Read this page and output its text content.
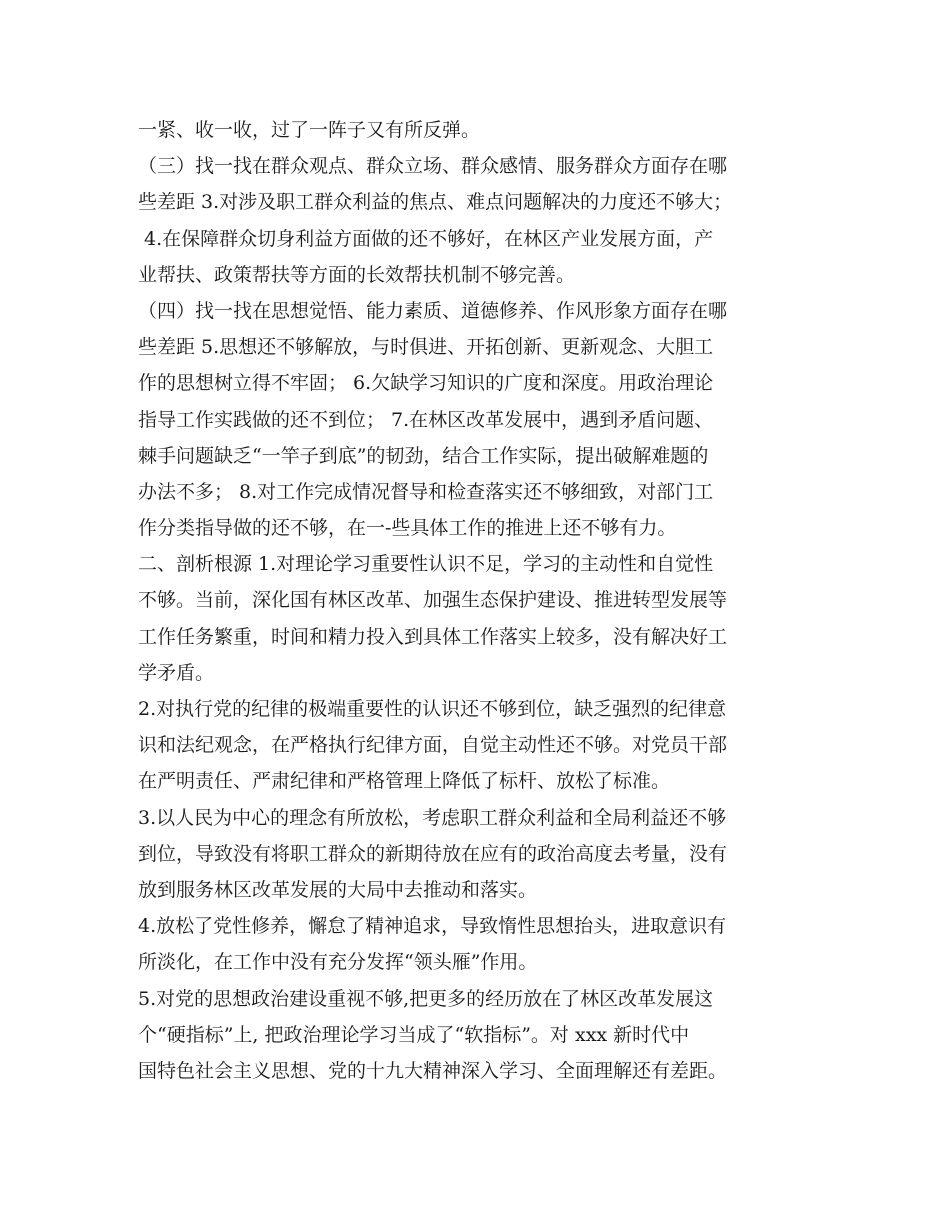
一紧、收一收，过了一阵子又有所反弹。
（三）找一找在群众观点、群众立场、群众感情、服务群众方面存在哪
些差距 3.对涉及职工群众利益的焦点、难点问题解决的力度还不够大；
4.在保障群众切身利益方面做的还不够好，在林区产业发展方面，产
业帮扶、政策帮扶等方面的长效帮扶机制不够完善。
（四）找一找在思想觉悟、能力素质、道德修养、作风形象方面存在哪
些差距 5.思想还不够解放，与时俱进、开拓创新、更新观念、大胆工
作的思想树立得不牢固； 6.欠缺学习知识的广度和深度。用政治理论
指导工作实践做的还不到位； 7.在林区改革发展中，遇到矛盾问题、
棘手问题缺乏“一竿子到底”的韧劲，结合工作实际，提出破解难题的
办法不多； 8.对工作完成情况督导和检查落实还不够细致，对部门工
作分类指导做的还不够，在一-些具体工作的推进上还不够有力。
二、剖析根源 1.对理论学习重要性认识不足，学习的主动性和自觉性
不够。当前，深化国有林区改革、加强生态保护建设、推进转型发展等
工作任务繁重，时间和精力投入到具体工作落实上较多，没有解决好工
学矛盾。
2.对执行党的纪律的极端重要性的认识还不够到位，缺乏强烈的纪律意
识和法纪观念，在严格执行纪律方面，自觉主动性还不够。对党员干部
在严明责任、严肃纪律和严格管理上降低了标杆、放松了标准。
3.以人民为中心的理念有所放松，考虑职工群众利益和全局利益还不够
到位，导致没有将职工群众的新期待放在应有的政治高度去考量，没有
放到服务林区改革发展的大局中去推动和落实。
4.放松了党性修养，懈怠了精神追求，导致惰性思想抬头，进取意识有
所淡化，在工作中没有充分发挥“领头雁”作用。
5.对党的思想政治建设重视不够,把更多的经历放在了林区改革发展这
个“硬指标”上, 把政治理论学习当成了“软指标”。对 xxx 新时代中
国特色社会主义思想、党的十九大精神深入学习、全面理解还有差距。
